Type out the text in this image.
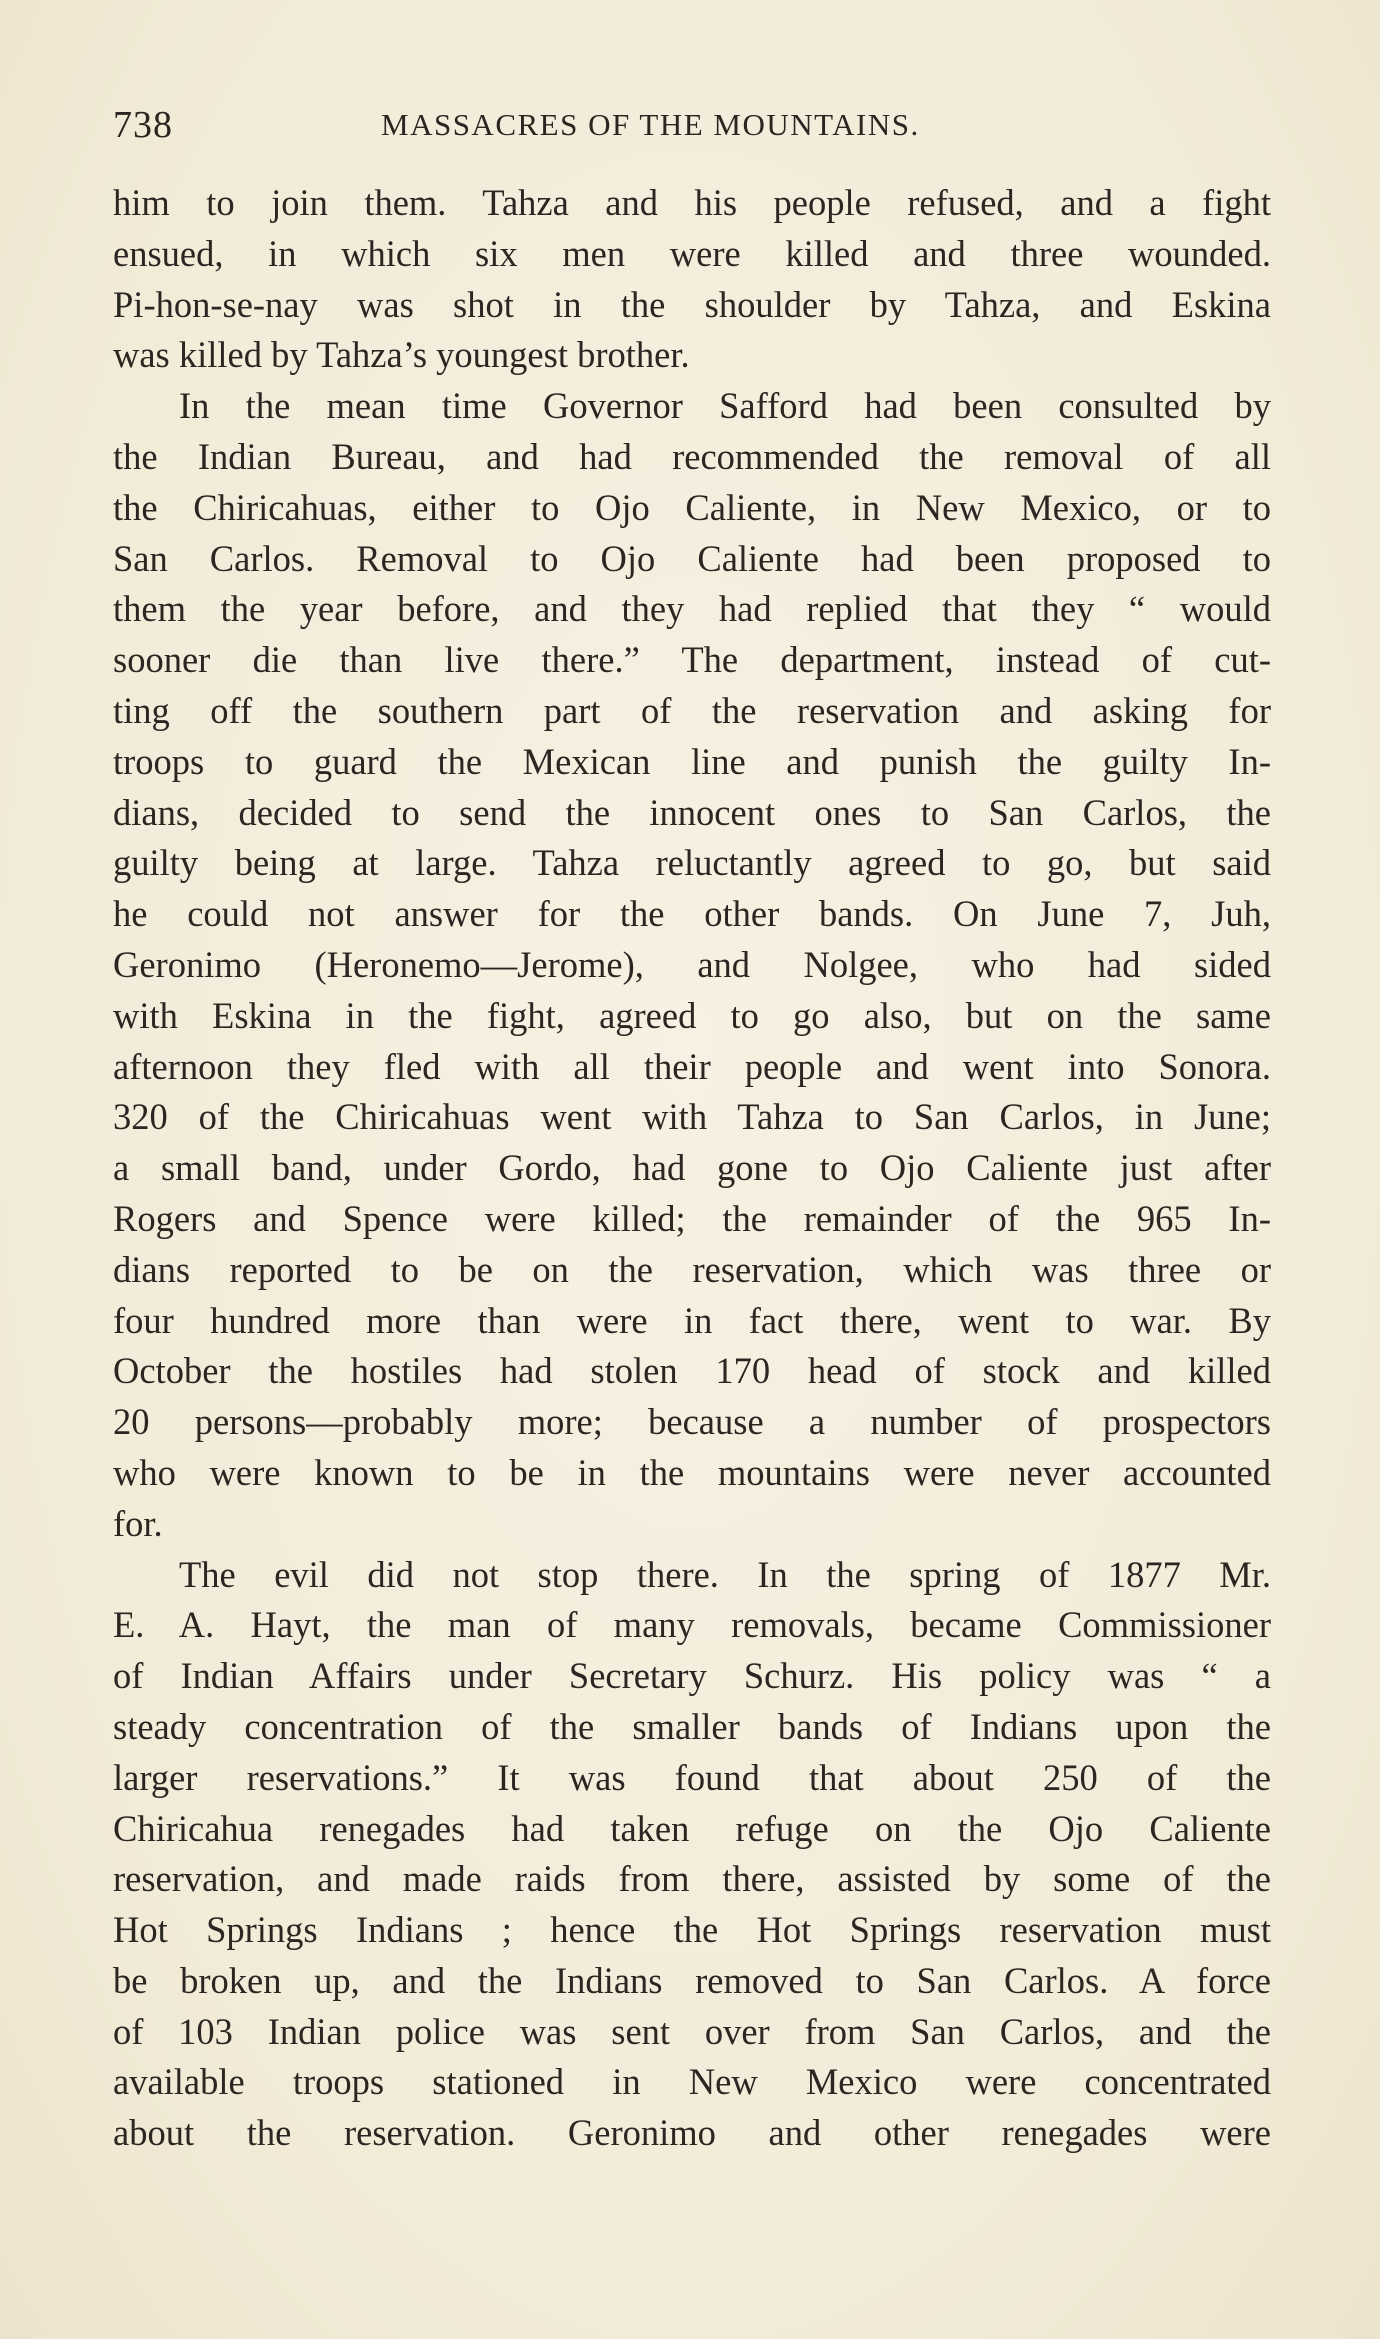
738	MASSACRES OF THE MOUNTAINS.
him to join them. Tahza and his people refused, and a fight
ensued, in which six men were killed and three wounded.
Pi-hon-se-nay was shot in the shoulder by Tahza, and Eskina
was killed by Tahza’s youngest brother.
In the mean time Governor Safford had been consulted by
the Indian Bureau, and had recommended the removal of all
the Chiricahuas, either to Ojo Caliente, in New Mexico, or to
San Carlos. Removal to Ojo Caliente had been proposed to
them the year before, and they had replied that they “ would
sooner die than live there.” The department, instead of cut-
ting off the southern part of the reservation and asking for
troops to guard the Mexican line and punish the guilty In-
dians, decided to send the innocent ones to San Carlos, the
guilty being at large. Tahza reluctantly agreed to go, but said
he could not answer for the other bands. On June 7, Juh,
Geronimo (Heronemo—Jerome), and Nolgee, who had sided
with Eskina in the fight, agreed to go also, but on the same
afternoon they fled with all their people and went into Sonora.
320 of the Chiricahuas went with Tahza to San Carlos, in June;
a small band, under Gordo, had gone to Ojo Caliente just after
Rogers and Spence were killed; the remainder of the 965 In-
dians reported to be on the reservation, which was three or
four hundred more than were in fact there, went to war. By
October the hostiles had stolen 170 head of stock and killed
20 persons—probably more; because a number of prospectors
who were known to be in the mountains were never accounted
for.
The evil did not stop there. In the spring of 1877 Mr.
E. A. Hayt, the man of many removals, became Commissioner
of Indian Affairs under Secretary Schurz. His policy was “ a
steady concentration of the smaller bands of Indians upon the
larger reservations.” It was found that about 250 of the
Chiricahua renegades had taken refuge on the Ojo Caliente
reservation, and made raids from there, assisted by some of the
Hot Springs Indians ; hence the Hot Springs reservation must
be broken up, and the Indians removed to San Carlos. A force
of 103 Indian police was sent over from San Carlos, and the
available troops stationed in New Mexico were concentrated
about the reservation. Geronimo and other renegades were
